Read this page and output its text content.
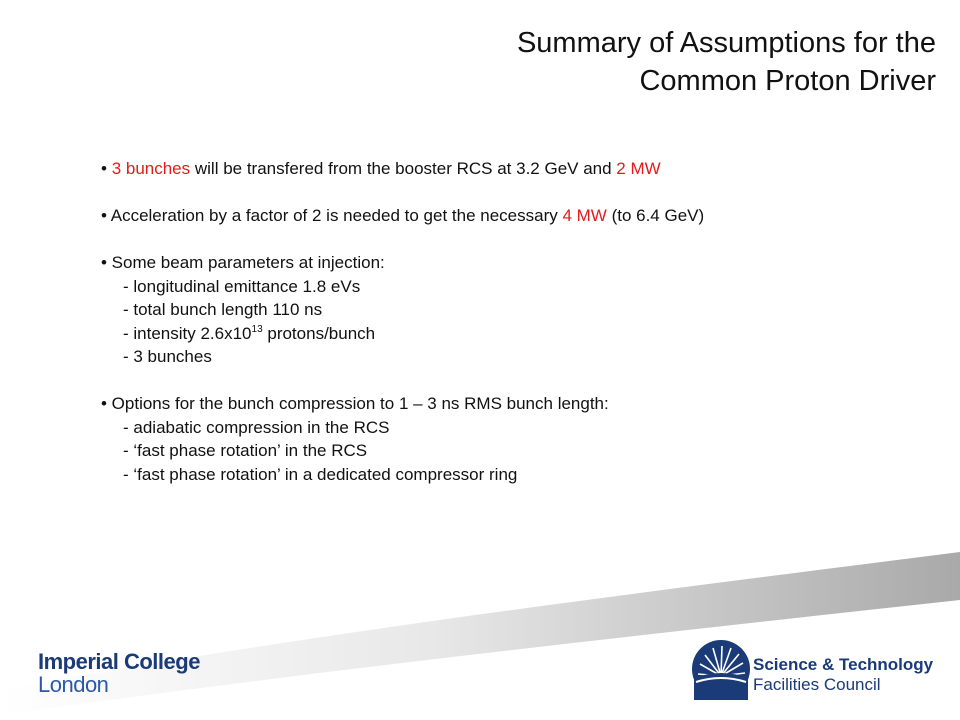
Summary of Assumptions for the
Common Proton Driver
• 3 bunches will be transfered from the booster RCS at 3.2 GeV and 2 MW
• Acceleration by a factor of 2 is needed to get the necessary 4 MW (to 6.4 GeV)
• Some beam parameters at injection:
- longitudinal emittance 1.8 eVs
- total bunch length 110 ns
- intensity $2.6x10^{13}$ protons/bunch
- 3 bunches
• Options for the bunch compression to 1 – 3 ns RMS bunch length:
- adiabatic compression in the RCS
- ‘fast phase rotation’ in the RCS
- ‘fast phase rotation’ in a dedicated compressor ring
Imperial College
London
Science & Technology
Facilities Council
